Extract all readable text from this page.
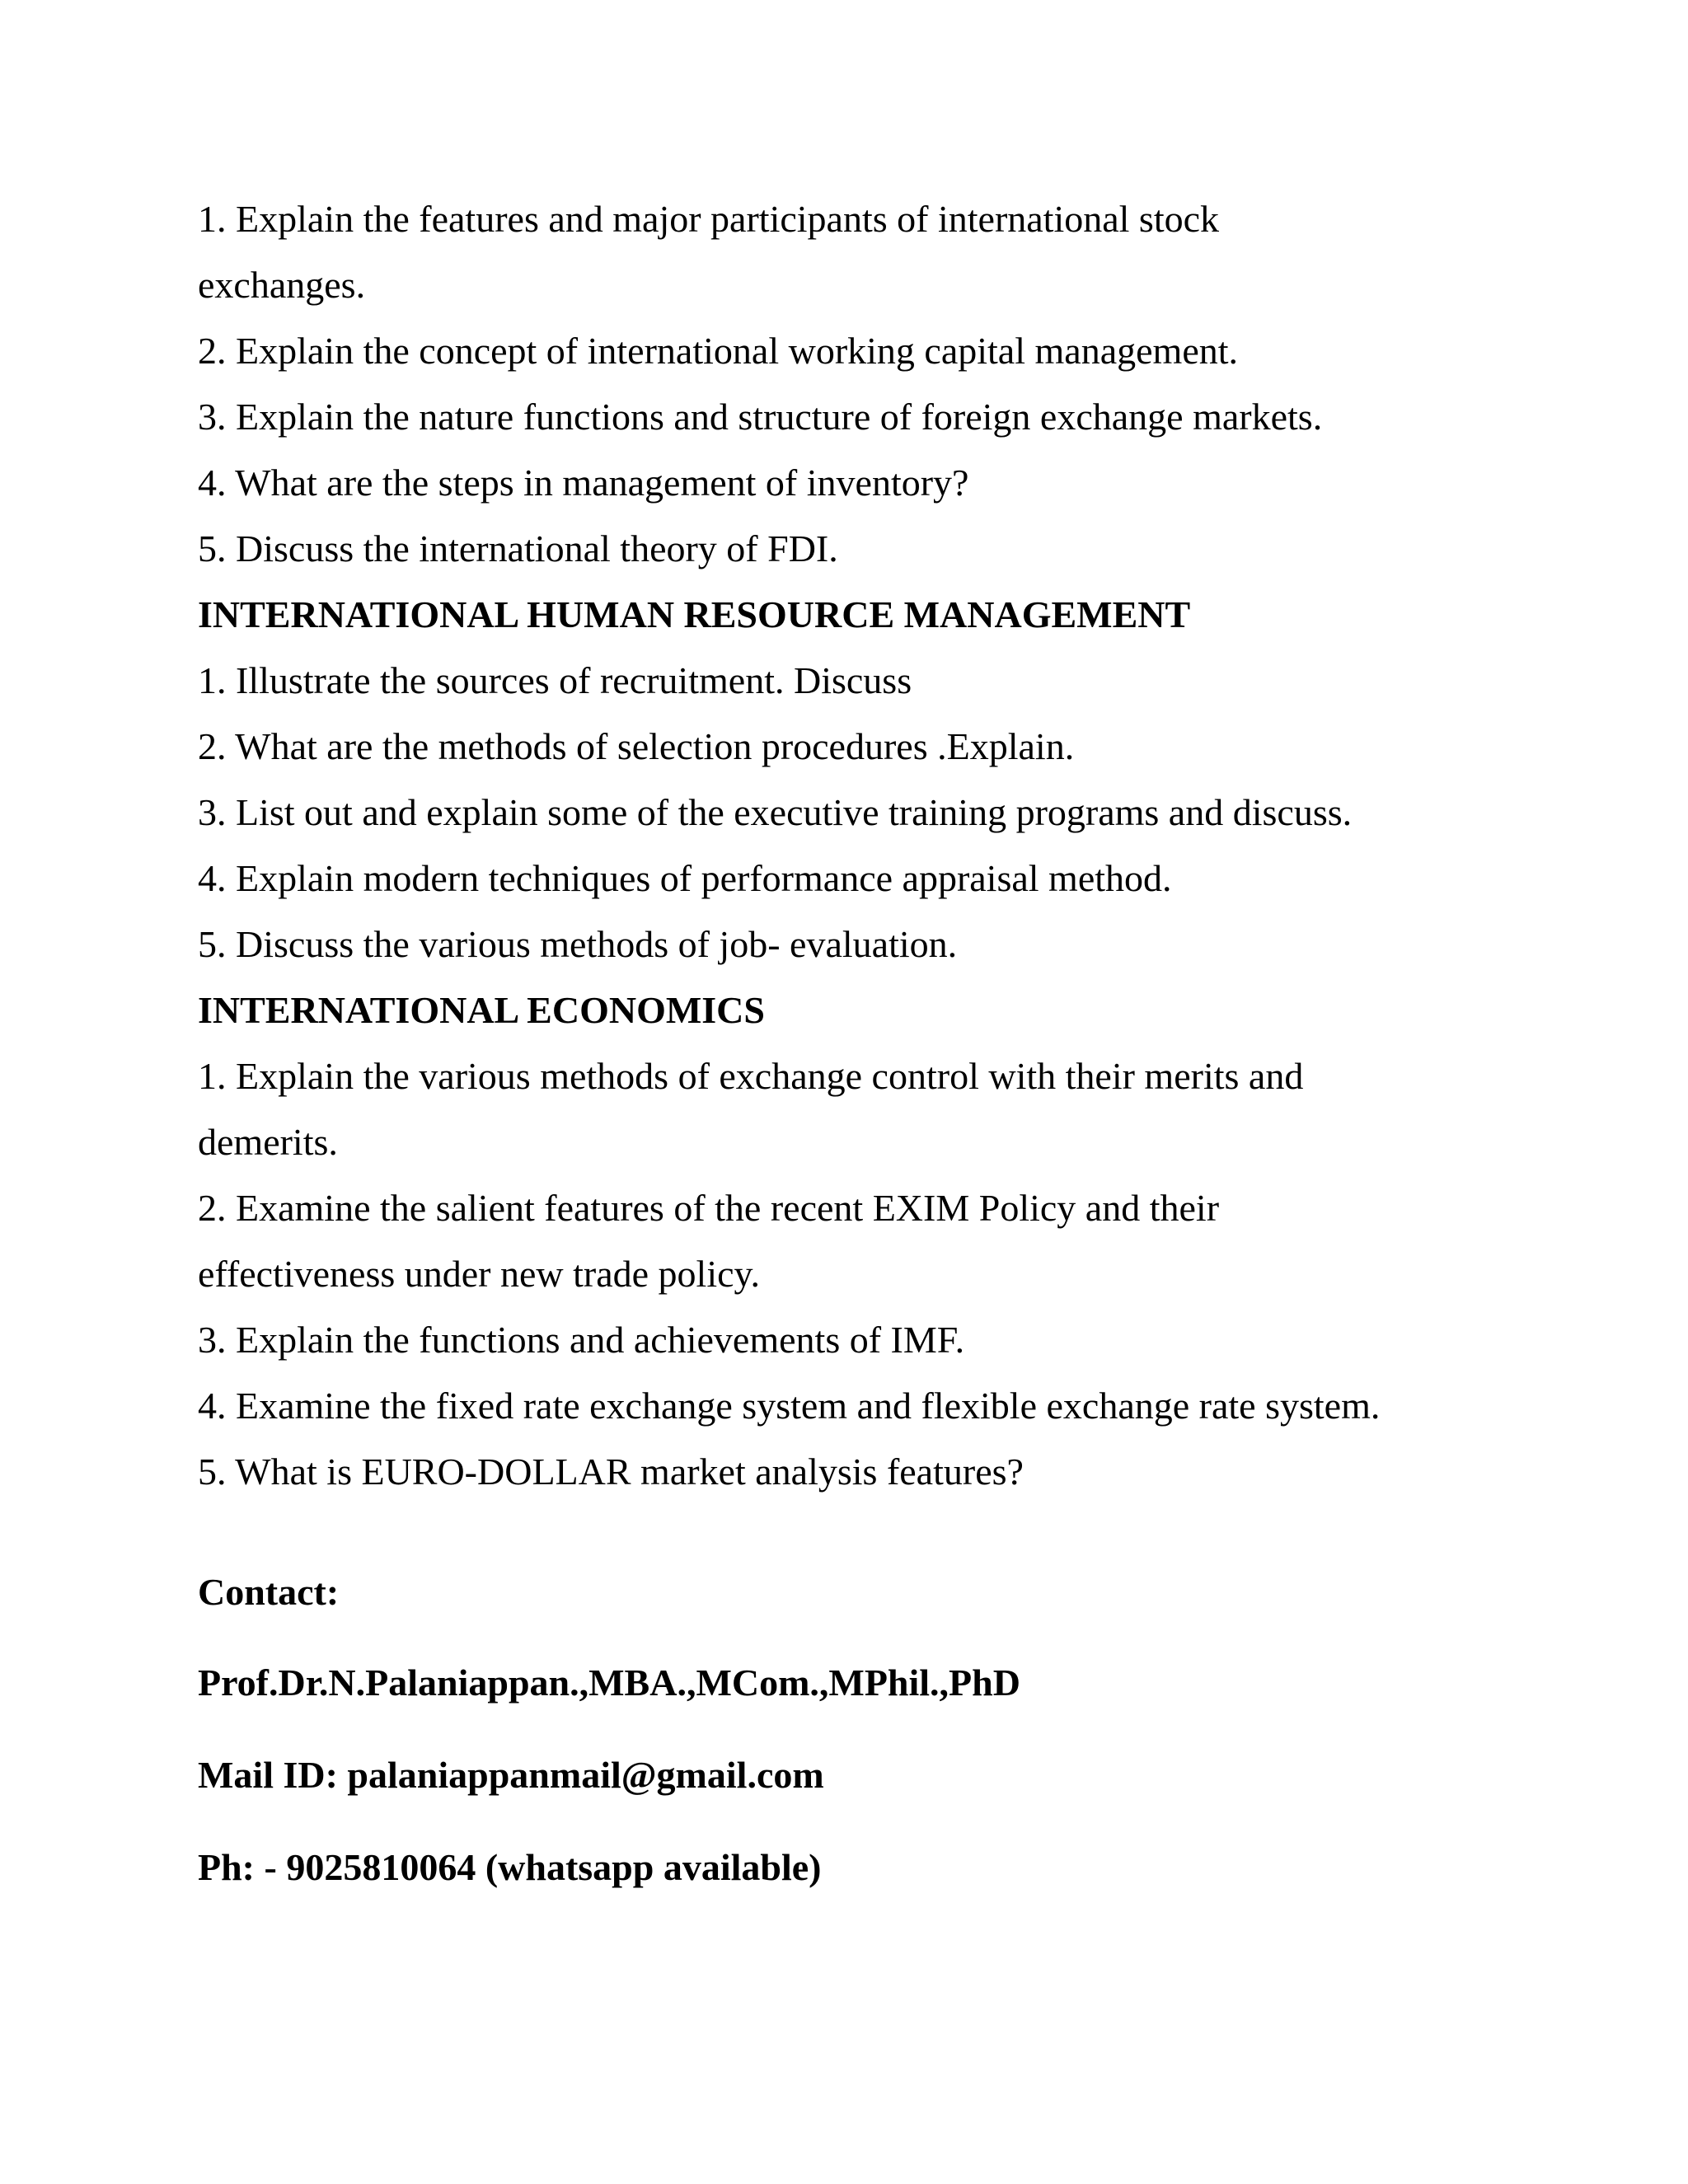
1. Explain the features and major participants of international stock
exchanges.
2. Explain the concept of international working capital management.
3. Explain the nature functions and structure of foreign exchange markets.
4. What are the steps in management of inventory?
5. Discuss the international theory of FDI.
INTERNATIONAL HUMAN RESOURCE MANAGEMENT
1. Illustrate the sources of recruitment. Discuss
2. What are the methods of selection procedures .Explain.
3. List out and explain some of the executive training programs and discuss.
4. Explain modern techniques of performance appraisal method.
5. Discuss the various methods of job- evaluation.
INTERNATIONAL ECONOMICS
1. Explain the various methods of exchange control with their merits and
demerits.
2. Examine the salient features of the recent EXIM Policy and their
effectiveness under new trade policy.
3. Explain the functions and achievements of IMF.
4. Examine the fixed rate exchange system and flexible exchange rate system.
5. What is EURO-DOLLAR market analysis features?
Contact:
Prof.Dr.N.Palaniappan.,MBA.,MCom.,MPhil.,PhD
Mail ID: palaniappanmail@gmail.com
Ph: - 9025810064 (whatsapp available)
